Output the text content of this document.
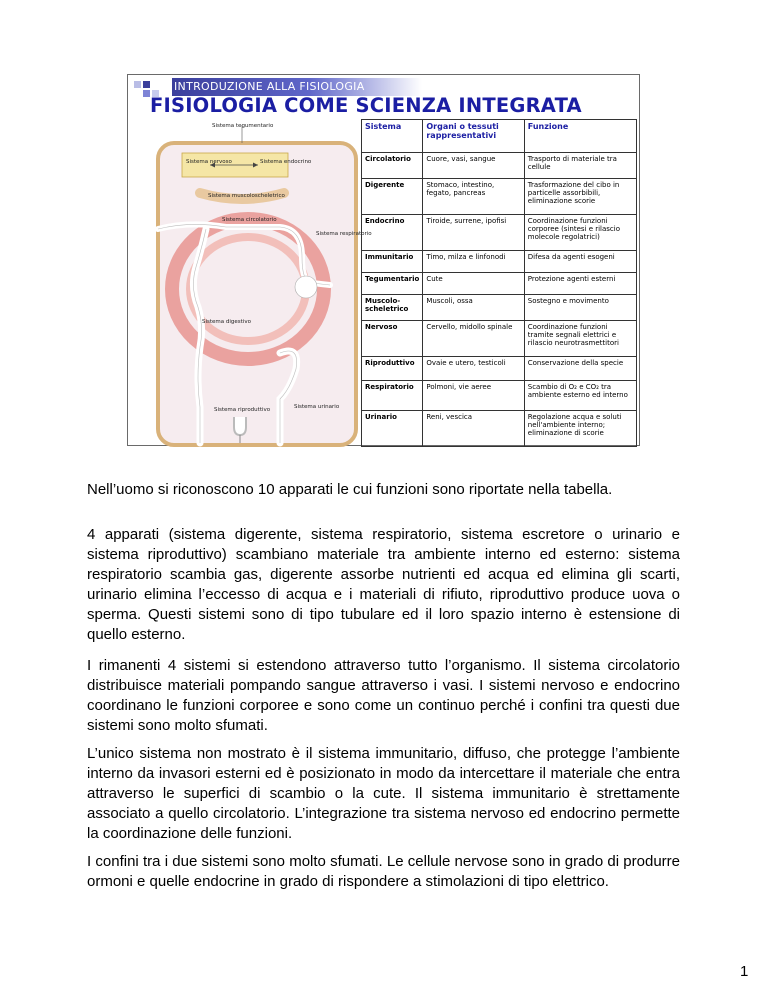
INTRODUZIONE ALLA FISIOLOGIA
FISIOLOGIA COME SCIENZA INTEGRATA
Sistema tegumentario
Sistema nervoso	Sistema endocrino
Sistema muscoloscheletrico
Sistema circolatorio
Sistema respiratorio
Sistema digestivo
Sistema urinario
Sistema riproduttivo
Sistema	Organi o tessuti rappresentativi	Funzione
Circolatorio	Cuore, vasi, sangue	Trasporto di materiale tra cellule
Digerente	Stomaco, intestino, fegato, pancreas	Trasformazione del cibo in particelle assorbibili, eliminazione scorie
Endocrino	Tiroide, surrene, ipofisi	Coordinazione funzioni corporee (sintesi e rilascio molecole regolatrici)
Immunitario	Timo, milza e linfonodi	Difesa da agenti esogeni
Tegumentario	Cute	Protezione agenti esterni
Muscolo-scheletrico	Muscoli, ossa	Sostegno e movimento
Nervoso	Cervello, midollo spinale	Coordinazione funzioni tramite segnali elettrici e rilascio neurotrasmettitori
Riproduttivo	Ovaie e utero, testicoli	Conservazione della specie
Respiratorio	Polmoni, vie aeree	Scambio di O₂ e CO₂ tra ambiente esterno ed interno
Urinario	Reni, vescica	Regolazione acqua e soluti nell'ambiente interno; eliminazione di scorie

Nell’uomo si riconoscono 10 apparati le cui funzioni sono riportate nella tabella.

4 apparati (sistema digerente, sistema respiratorio, sistema escretore o urinario e sistema riproduttivo) scambiano materiale tra ambiente interno ed esterno: sistema respiratorio scambia gas, digerente assorbe nutrienti ed acqua ed elimina gli scarti, urinario elimina l’eccesso di acqua e i materiali di rifiuto, riproduttivo produce uova o sperma. Questi sistemi sono di tipo tubulare ed il loro spazio interno è estensione di quello esterno.

I rimanenti 4 sistemi si estendono attraverso tutto l’organismo. Il sistema circolatorio distribuisce materiali pompando sangue attraverso i vasi. I sistemi nervoso e endocrino coordinano le funzioni corporee e sono come un continuo perché i confini tra questi due sistemi sono molto sfumati.

L’unico sistema non mostrato è il sistema immunitario, diffuso, che protegge l’ambiente interno da invasori esterni ed è posizionato in modo da intercettare il materiale che entra attraverso le superfici di scambio o la cute. Il sistema immunitario è strettamente associato a quello circolatorio. L’integrazione tra sistema nervoso ed endocrino permette la coordinazione delle funzioni.

I confini tra i due sistemi sono molto sfumati. Le cellule nervose sono in grado di produrre ormoni e quelle endocrine in grado di rispondere a stimolazioni di tipo elettrico.

1
